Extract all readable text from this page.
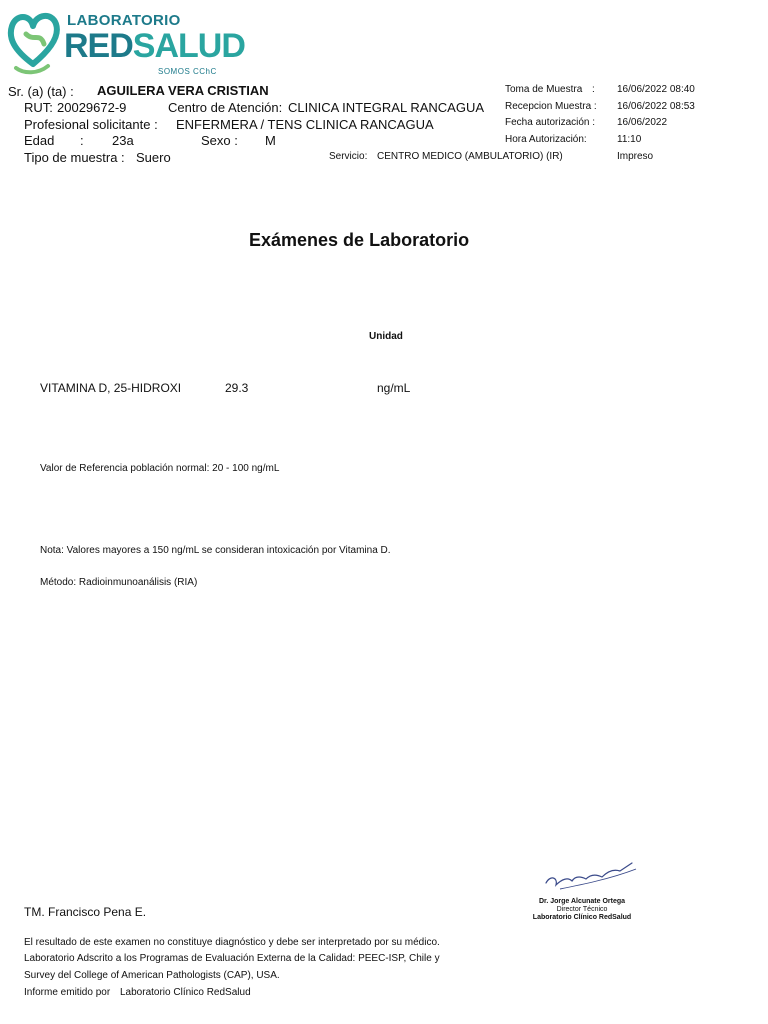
LABORATORIO
REDSALUD
SOMOS CChC
Sr. (a) (ta) : AGUILERA VERA CRISTIAN
RUT: 20029672-9	Centro de Atención: CLINICA INTEGRAL RANCAGUA
Profesional solicitante : ENFERMERA / TENS CLINICA RANCAGUA
Edad : 23a	Sexo : M
Tipo de muestra : Suero	Servicio: CENTRO MEDICO (AMBULATORIO) (IR)
Toma de Muestra : 16/06/2022 08:40
Recepcion Muestra : 16/06/2022 08:53
Fecha autorización : 16/06/2022
Hora Autorización:	11:10
Impreso
Exámenes de Laboratorio
Unidad
VITAMINA D, 25-HIDROXI	29.3	ng/mL
Valor de Referencia población normal: 20 - 100 ng/mL
Nota: Valores mayores a 150 ng/mL se consideran intoxicación por Vitamina D.
Método: Radioinmunoanálisis (RIA)
Dr. Jorge Alcunate Ortega
Director Técnico
Laboratorio Clínico RedSalud
TM. Francisco Pena E.
El resultado de este examen no constituye diagnóstico y debe ser interpretado por su médico.
Laboratorio Adscrito a los Programas de Evaluación Externa de la Calidad: PEEC-ISP, Chile y
Survey del College of American Pathologists (CAP), USA.
Informe emitido por Laboratorio Clínico RedSalud
